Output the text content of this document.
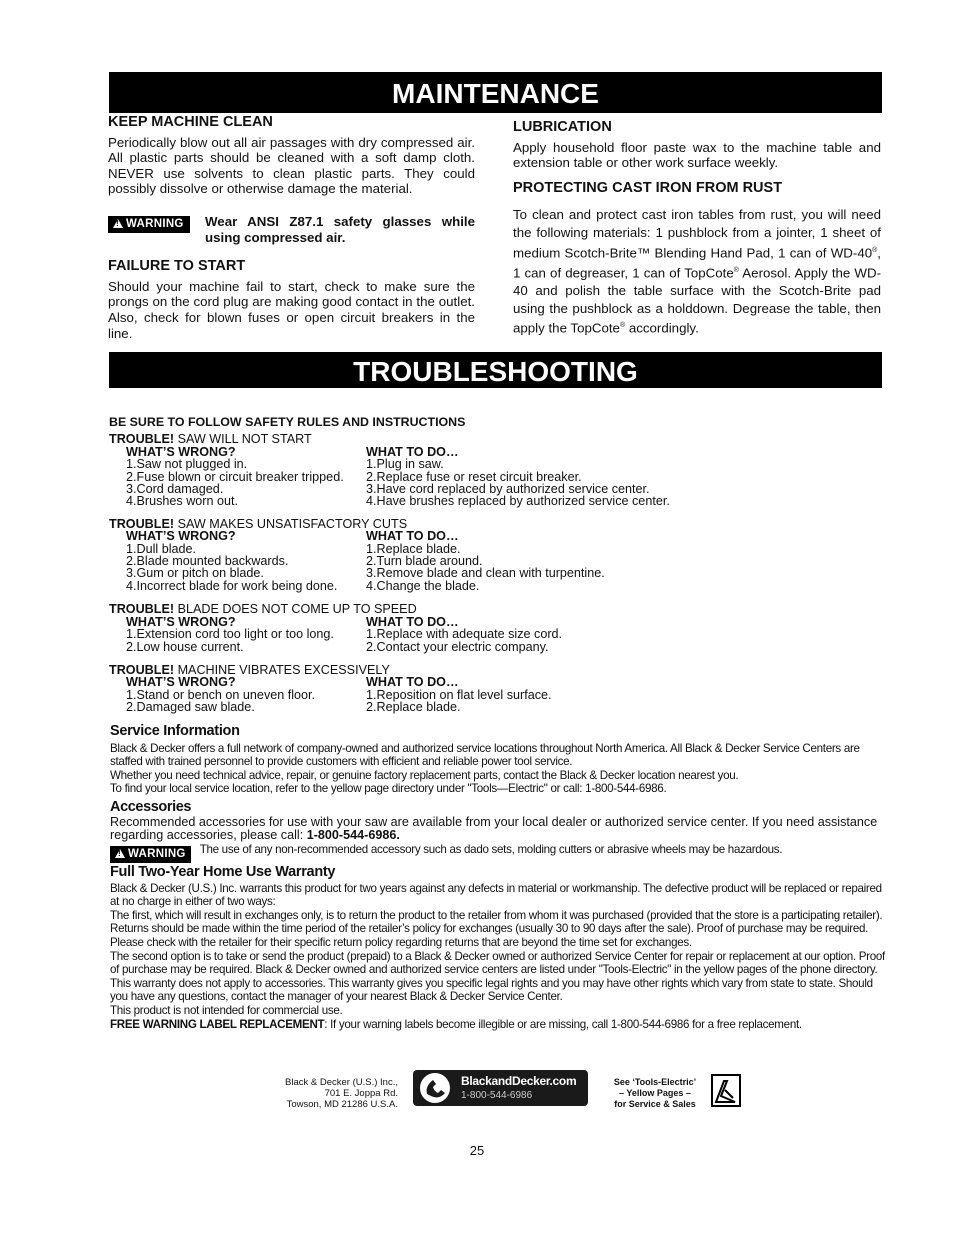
MAINTENANCE
KEEP MACHINE CLEAN

Periodically blow out all air passages with dry compressed air. All plastic parts should be cleaned with a soft damp cloth. NEVER use solvents to clean plastic parts. They could possibly dissolve or otherwise damage the material.

!WARNING	Wear ANSI Z87.1 safety glasses while using compressed air.

FAILURE TO START

Should your machine fail to start, check to make sure the prongs on the cord plug are making good contact in the outlet. Also, check for blown fuses or open circuit breakers in the line.

LUBRICATION

Apply household floor paste wax to the machine table and extension table or other work surface weekly.

PROTECTING CAST IRON FROM RUST

To clean and protect cast iron tables from rust, you will need the following materials: 1 pushblock from a jointer, 1 sheet of medium Scotch-Brite™ Blending Hand Pad, 1 can of WD-40®, 1 can of degreaser, 1 can of TopCote® Aerosol. Apply the WD-40 and polish the table surface with the Scotch-Brite pad using the pushblock as a holddown. Degrease the table, then apply the TopCote® accordingly.

TROUBLESHOOTING
BE SURE TO FOLLOW SAFETY RULES AND INSTRUCTIONS
TROUBLE! SAW WILL NOT START
WHAT’S WRONG?	WHAT TO DO…
1.Saw not plugged in.	1.Plug in saw.
2.Fuse blown or circuit breaker tripped.	2.Replace fuse or reset circuit breaker.
3.Cord damaged.	3.Have cord replaced by authorized service center.
4.Brushes worn out.	4.Have brushes replaced by authorized service center.
TROUBLE! SAW MAKES UNSATISFACTORY CUTS
WHAT’S WRONG?	WHAT TO DO…
1.Dull blade.	1.Replace blade.
2.Blade mounted backwards.	2.Turn blade around.
3.Gum or pitch on blade.	3.Remove blade and clean with turpentine.
4.Incorrect blade for work being done.	4.Change the blade.
TROUBLE! BLADE DOES NOT COME UP TO SPEED
WHAT’S WRONG?	WHAT TO DO…
1.Extension cord too light or too long.	1.Replace with adequate size cord.
2.Low house current.	2.Contact your electric company.
TROUBLE! MACHINE VIBRATES EXCESSIVELY
WHAT’S WRONG?	WHAT TO DO…
1.Stand or bench on uneven floor.	1.Reposition on flat level surface.
2.Damaged saw blade.	2.Replace blade.
Service Information
Black & Decker offers a full network of company-owned and authorized service locations throughout North America. All Black & Decker Service Centers are staffed with trained personnel to provide customers with efficient and reliable power tool service.
Whether you need technical advice, repair, or genuine factory replacement parts, contact the Black & Decker location nearest you.
To find your local service location, refer to the yellow page directory under "Tools—Electric" or call: 1-800-544-6986.
Accessories
Recommended accessories for use with your saw are available from your local dealer or authorized service center. If you need assistance regarding accessories, please call: 1-800-544-6986.
!WARNING	The use of any non-recommended accessory such as dado sets, molding cutters or abrasive wheels may be hazardous.
Full Two-Year Home Use Warranty
Black & Decker (U.S.) Inc. warrants this product for two years against any defects in material or workmanship. The defective product will be replaced or repaired at no charge in either of two ways:
The first, which will result in exchanges only, is to return the product to the retailer from whom it was purchased (provided that the store is a participating retailer). Returns should be made within the time period of the retailer’s policy for exchanges (usually 30 to 90 days after the sale). Proof of purchase may be required. Please check with the retailer for their specific return policy regarding returns that are beyond the time set for exchanges.
The second option is to take or send the product (prepaid) to a Black & Decker owned or authorized Service Center for repair or replacement at our option. Proof of purchase may be required. Black & Decker owned and authorized service centers are listed under "Tools-Electric" in the yellow pages of the phone directory.
This warranty does not apply to accessories. This warranty gives you specific legal rights and you may have other rights which vary from state to state. Should you have any questions, contact the manager of your nearest Black & Decker Service Center.
This product is not intended for commercial use.
FREE WARNING LABEL REPLACEMENT: If your warning labels become illegible or are missing, call 1-800-544-6986 for a free replacement.
Black & Decker (U.S.) Inc.,
701 E. Joppa Rd.
Towson, MD 21286 U.S.A.
BlackandDecker.com
1-800-544-6986
See ‘Tools-Electric’
– Yellow Pages –
for Service & Sales
25
